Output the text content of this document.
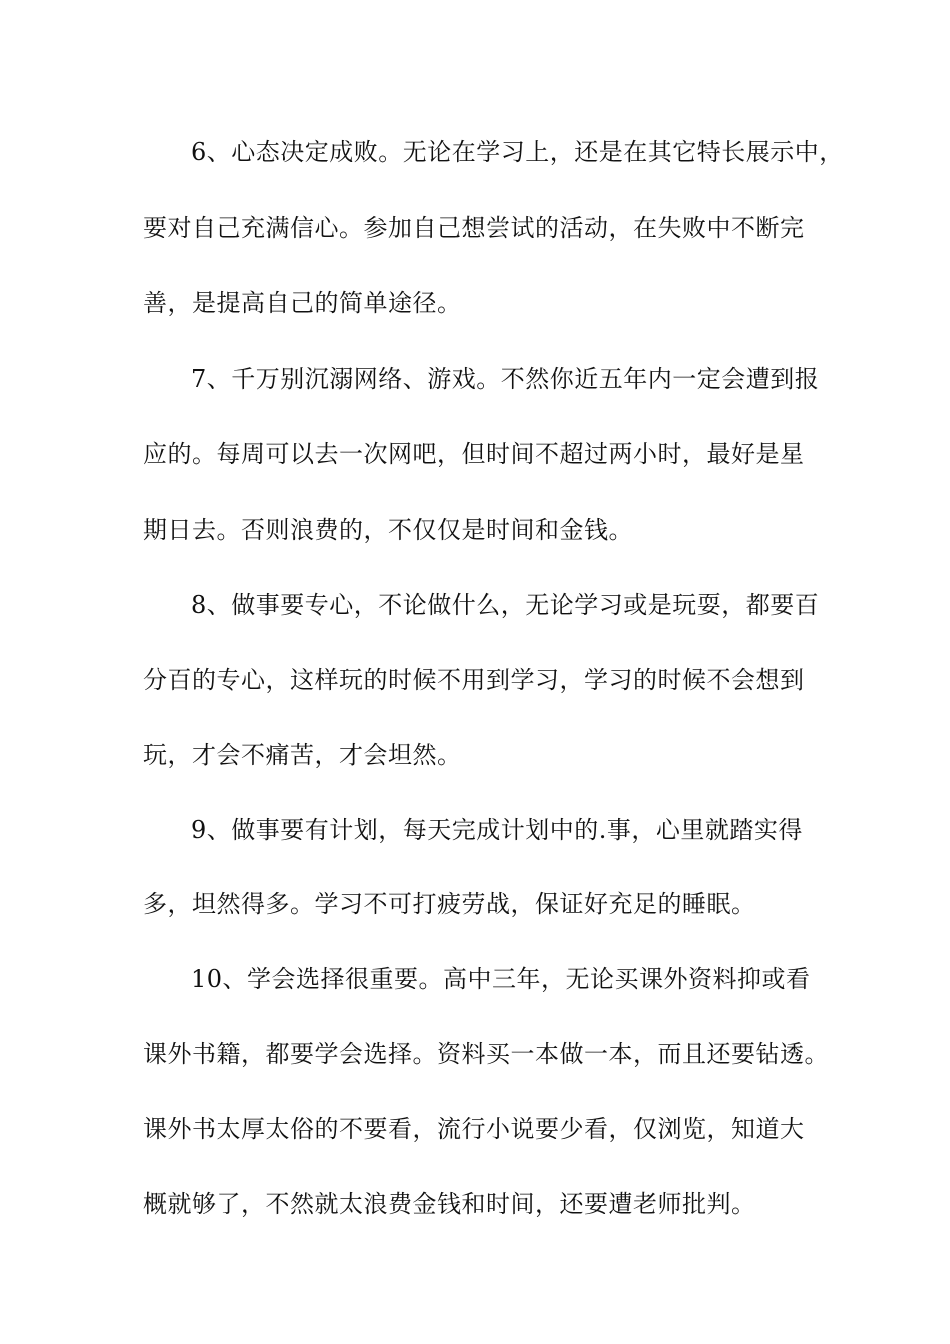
6、心态决定成败。无论在学习上，还是在其它特长展示中，
要对自己充满信心。参加自己想尝试的活动，在失败中不断完
善，是提高自己的简单途径。
7、千万别沉溺网络、游戏。不然你近五年内一定会遭到报
应的。每周可以去一次网吧，但时间不超过两小时，最好是星
期日去。否则浪费的，不仅仅是时间和金钱。
8、做事要专心，不论做什么，无论学习或是玩耍，都要百
分百的专心，这样玩的时候不用到学习，学习的时候不会想到
玩，才会不痛苦，才会坦然。
9、做事要有计划，每天完成计划中的.事，心里就踏实得
多，坦然得多。学习不可打疲劳战，保证好充足的睡眠。
10、学会选择很重要。高中三年，无论买课外资料抑或看
课外书籍，都要学会选择。资料买一本做一本，而且还要钻透。
课外书太厚太俗的不要看，流行小说要少看，仅浏览，知道大
概就够了，不然就太浪费金钱和时间，还要遭老师批判。
